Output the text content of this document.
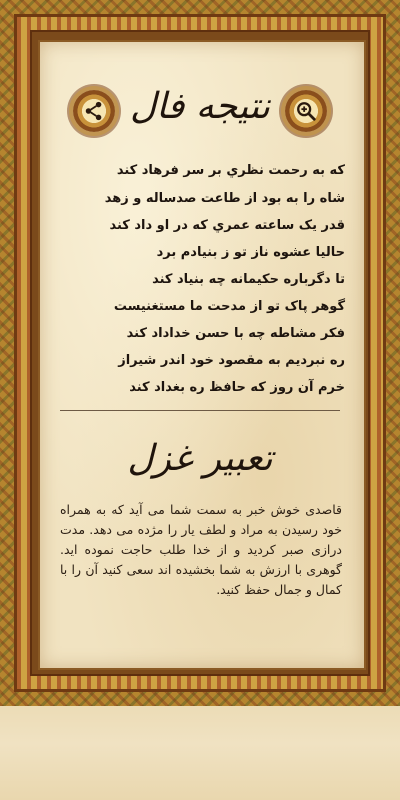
نتیجه فال
كه به رحمت نظري بر سر فرهاد كند
شاه را به بود از طاعت صدساله و زهد
قدر يک ساعته عمري كه در او داد كند
حاليا عشوه ناز تو ز بنيادم برد
تا دگرباره حكيمانه چه بنياد كند
گوهر پاک تو از مدحت ما مستغنيست
فكر مشاطه چه با حسن خداداد كند
ره نبرديم به مقصود خود اندر شيراز
خرم آن روز كه حافظ ره بغداد كند
تعبیر غزل
قاصدی خوش خبر به سمت شما می آید که به همراه خود رسیدن به مراد و لطف یار را مژده می دهد. مدت درازی صبر کردید و از خدا طلب حاجت نموده اید. گوهری با ارزش به شما بخشیده اند سعی کنید آن را با کمال و جمال حفظ کنید.
